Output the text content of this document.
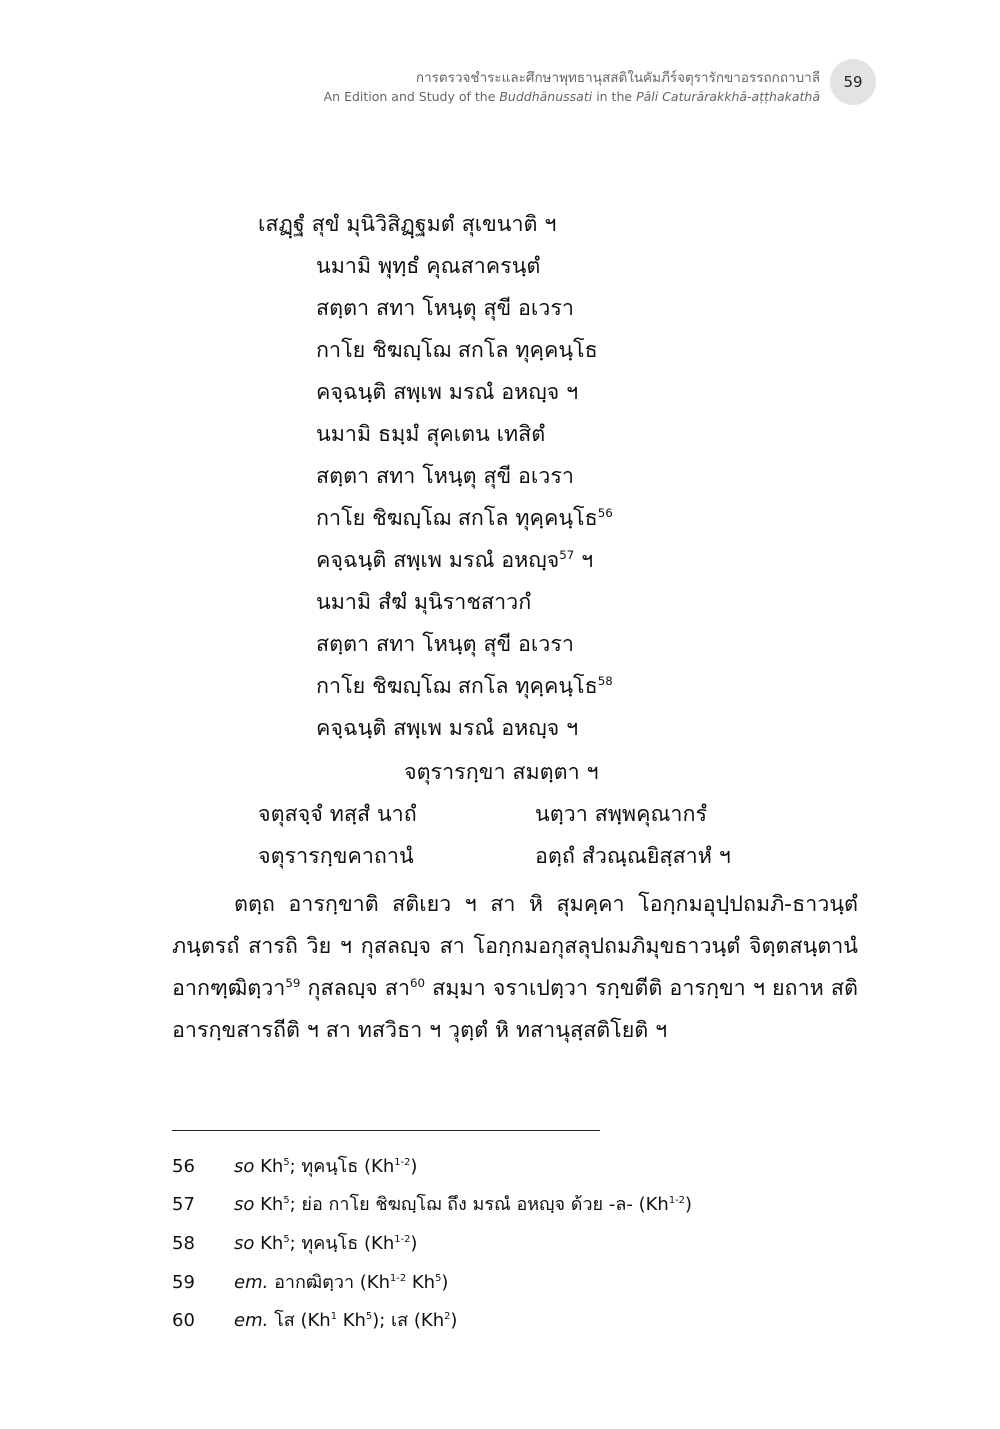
การตรวจชำระและศึกษาพุทธานุสสติในคัมภีร์จตุรารักขาอรรถกถาบาลี
An Edition and Study of the Buddhānussati in the Pāli Caturārakkhā-aṭṭhakathā
59
เสฏฺฐํ สุขํ มุนิวิสิฏฺฐมตํ สุเขนาติ ฯ
นมามิ พุทฺธํ คุณสาครนฺตํ
สตฺตา สทา โหนฺตุ สุขี อเวรา
กาโย ชิฆญฺโฌ สกโล ทุคฺคนฺโธ
คจฺฉนฺติ สพฺเพ มรณํ อหญฺจ ฯ
นมามิ ธมฺมํ สุคเตน เทสิตํ
สตฺตา สทา โหนฺตุ สุขี อเวรา
กาโย ชิฆญฺโฌ สกโล ทุคฺคนฺโธ$^{56}$
คจฺฉนฺติ สพฺเพ มรณํ อหญฺจ$^{57}$ ฯ
นมามิ สํฆํ มุนิราชสาวกํ
สตฺตา สทา โหนฺตุ สุขี อเวรา
กาโย ชิฆญฺโฌ สกโล ทุคฺคนฺโธ$^{58}$
คจฺฉนฺติ สพฺเพ มรณํ อหญฺจ ฯ
จตุรารกฺขา สมตฺตา ฯ
จตุสจฺจํ ทสฺสํ นาถํ	นตฺวา สพฺพคุณากรํ
จตุรารกฺขคาถานํ	อตฺถํ สํวณฺณยิสฺสาหํ ฯ

ตตฺถ อารกฺขาติ สติเยว ฯ สา หิ สุมคฺคา โอกฺกมอุปฺปถมภิ-ธาวนฺตํ ภนฺตรถํ สารถิ วิย ฯ กุสลญฺจ สา โอกฺกมอกุสลุปถมภิมุขธาวนฺตํ จิตฺตสนฺตานํ อากฑฺฒิตฺวา$^{59}$ กุสลญฺจ สา$^{60}$ สมฺมา จราเปตฺวา รกฺขตีติ อารกฺขา ฯ ยถาห สติ อารกฺขสารถีติ ฯ สา ทสวิธา ฯ วุตฺตํ หิ ทสานุสฺสติโยติ ฯ

56 so Kh$^5$; ทุคนฺโธ (Kh$^{1-2}$)
57 so Kh$^5$; ย่อ กาโย ชิฆญฺโฌ ถึง มรณํ อหญฺจ ด้วย -ล- (Kh$^{1-2}$)
58 so Kh$^5$; ทุคนฺโธ (Kh$^{1-2}$)
59 em. อากฒิตฺวา (Kh$^{1-2}$ Kh$^5$)
60 em. โส (Kh$^1$ Kh$^5$); เส (Kh$^2$)
